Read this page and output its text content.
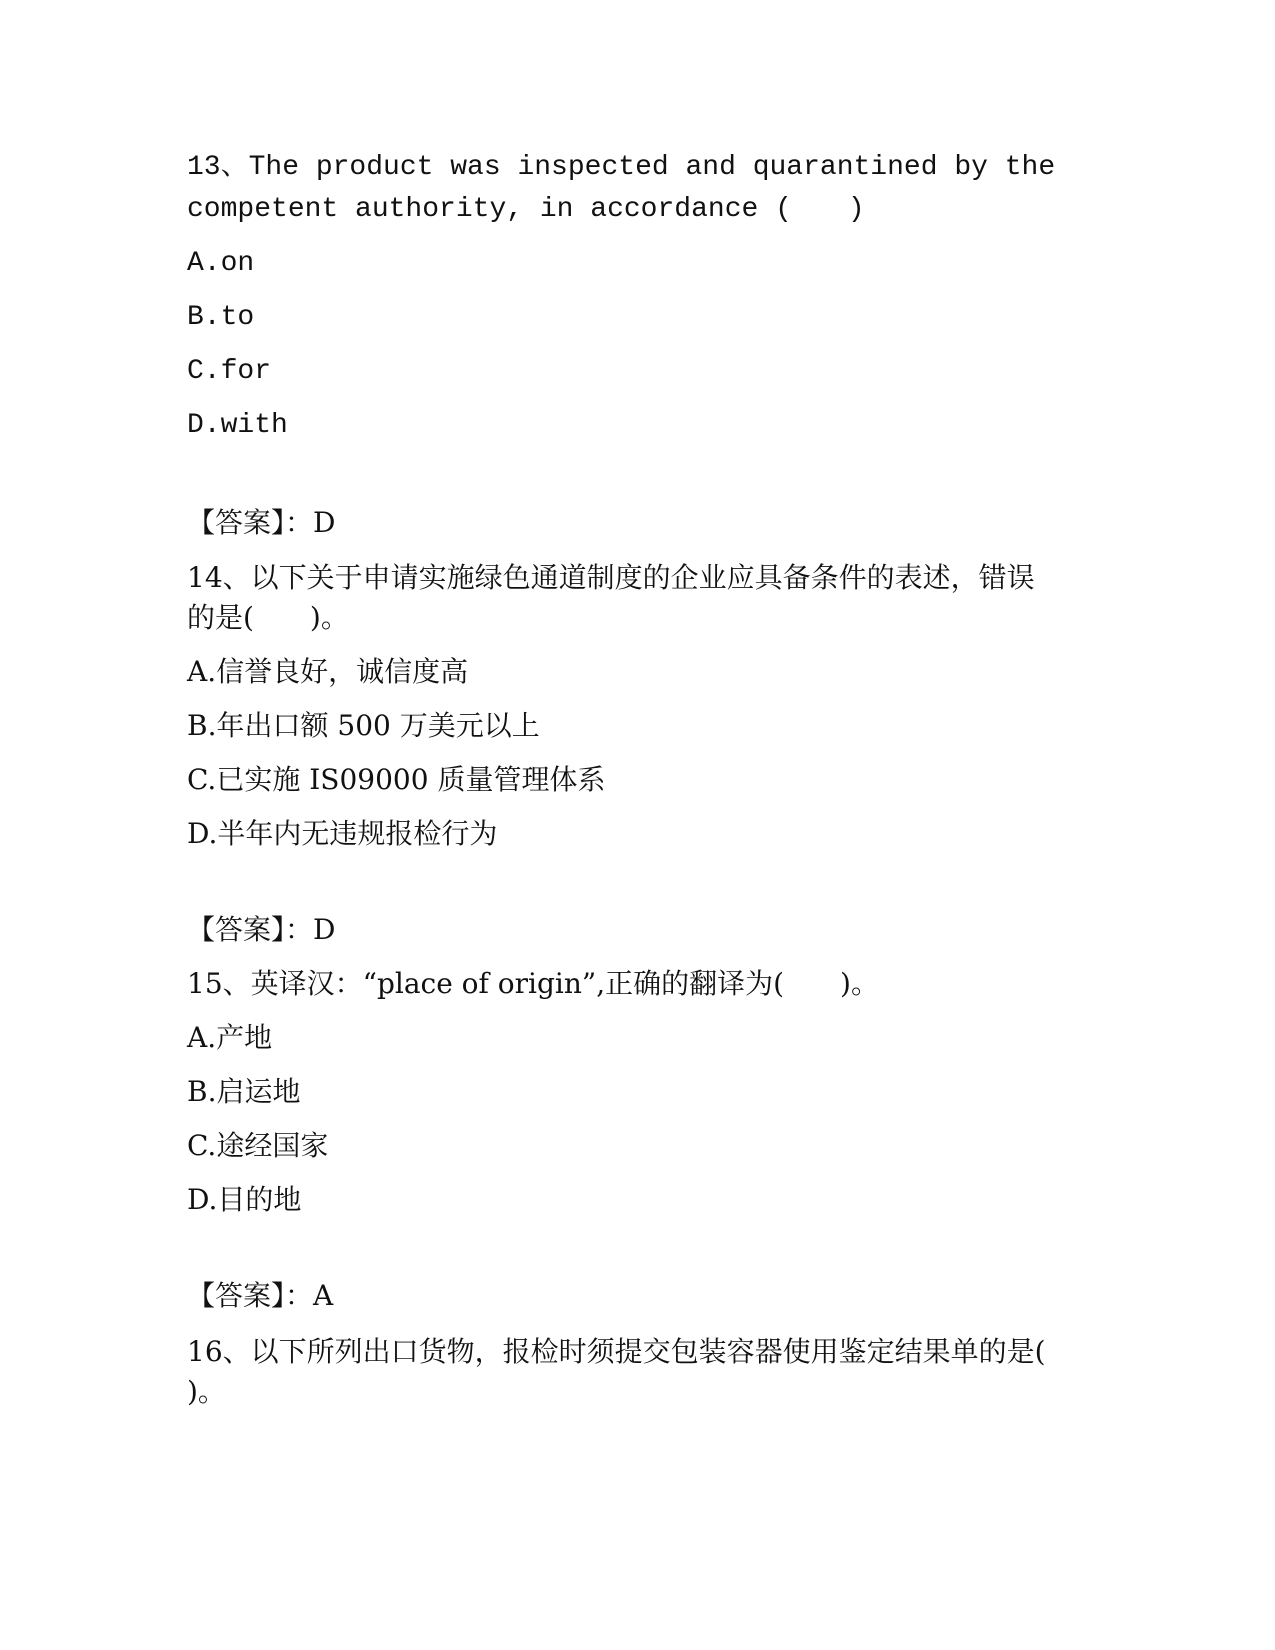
13、The product was inspected and quarantined by the
competent authority, in accordance (　　)
A.on
B.to
C.for
D.with
【答案】：D
14、以下关于申请实施绿色通道制度的企业应具备条件的表述，错误
的是(　　)。
A.信誉良好，诚信度高
B.年出口额 500 万美元以上
C.已实施 IS09000 质量管理体系
D.半年内无违规报检行为
【答案】：D
15、英译汉：“place of origin”,正确的翻译为(　　)。
A.产地
B.启运地
C.途经国家
D.目的地
【答案】：A
16、以下所列出口货物，报检时须提交包装容器使用鉴定结果单的是(
)。
